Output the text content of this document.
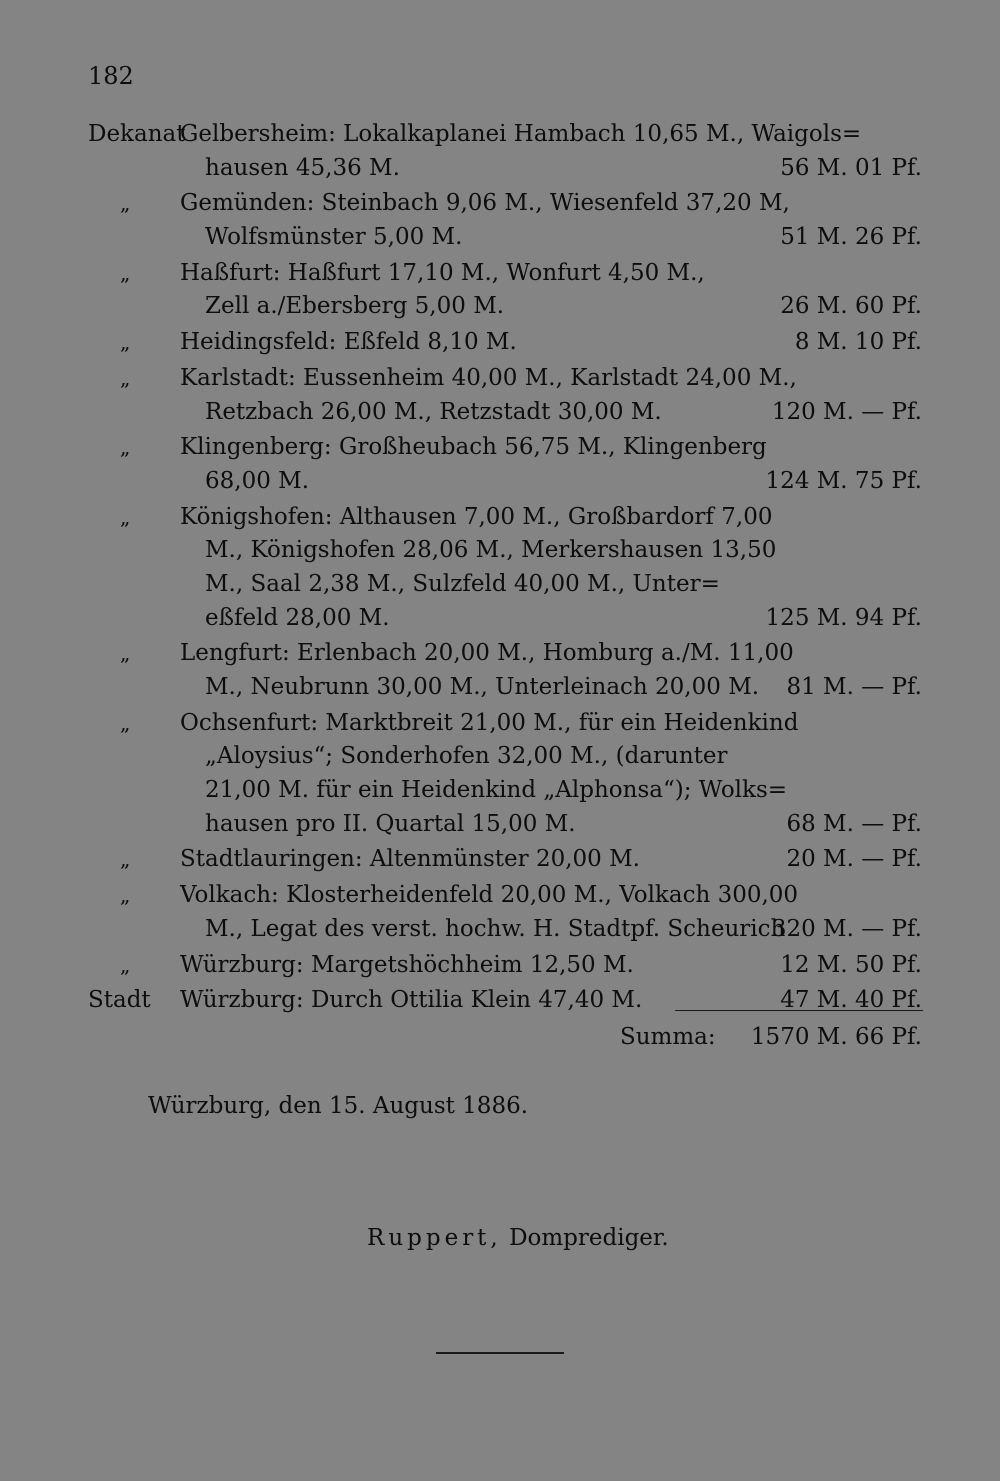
182
Dekanat
Gelbersheim: Lokalkaplanei Hambach 10,65 M., Waigols=
hausen 45,36 M.	56 M. 01 Pf.
„ Gemünden: Steinbach 9,06 M., Wiesenfeld 37,20 M,
Wolfsmünster 5,00 M.	51 M. 26 Pf.
„ Haßfurt: Haßfurt 17,10 M., Wonfurt 4,50 M.,
Zell a./Ebersberg 5,00 M.	26 M. 60 Pf.
„ Heidingsfeld: Eßfeld 8,10 M.	8 M. 10 Pf.
„ Karlstadt: Eussenheim 40,00 M., Karlstadt 24,00 M.,
Retzbach 26,00 M., Retzstadt 30,00 M.	120 M. — Pf.
„ Klingenberg: Großheubach 56,75 M., Klingenberg
68,00 M.	124 M. 75 Pf.
„ Königshofen: Althausen 7,00 M., Großbardorf 7,00
M., Königshofen 28,06 M., Merkershausen 13,50
M., Saal 2,38 M., Sulzfeld 40,00 M., Unter=
eßfeld 28,00 M.	125 M. 94 Pf.
„ Lengfurt: Erlenbach 20,00 M., Homburg a./M. 11,00
M., Neubrunn 30,00 M., Unterleinach 20,00 M. 81 M. — Pf.
„ Ochsenfurt: Marktbreit 21,00 M., für ein Heidenkind
„Aloysius“; Sonderhofen 32,00 M., (darunter
21,00 M. für ein Heidenkind „Alphonsa“); Wolks=
hausen pro II. Quartal 15,00 M.	68 M. — Pf.
„ Stadtlauringen: Altenmünster 20,00 M.	20 M. — Pf.
„ Volkach: Klosterheidenfeld 20,00 M., Volkach 300,00
M., Legat des verst. hochw. H. Stadtpf. Scheurich
320 M. — Pf.
„ Würzburg: Margetshöchheim 12,50 M.	12 M. 50 Pf.
Stadt Würzburg: Durch Ottilia Klein 47,40 M.	47 M. 40 Pf.
Summa: 1570 M. 66 Pf.
Würzburg, den 15. August 1886.
Ruppert, Domprediger.
